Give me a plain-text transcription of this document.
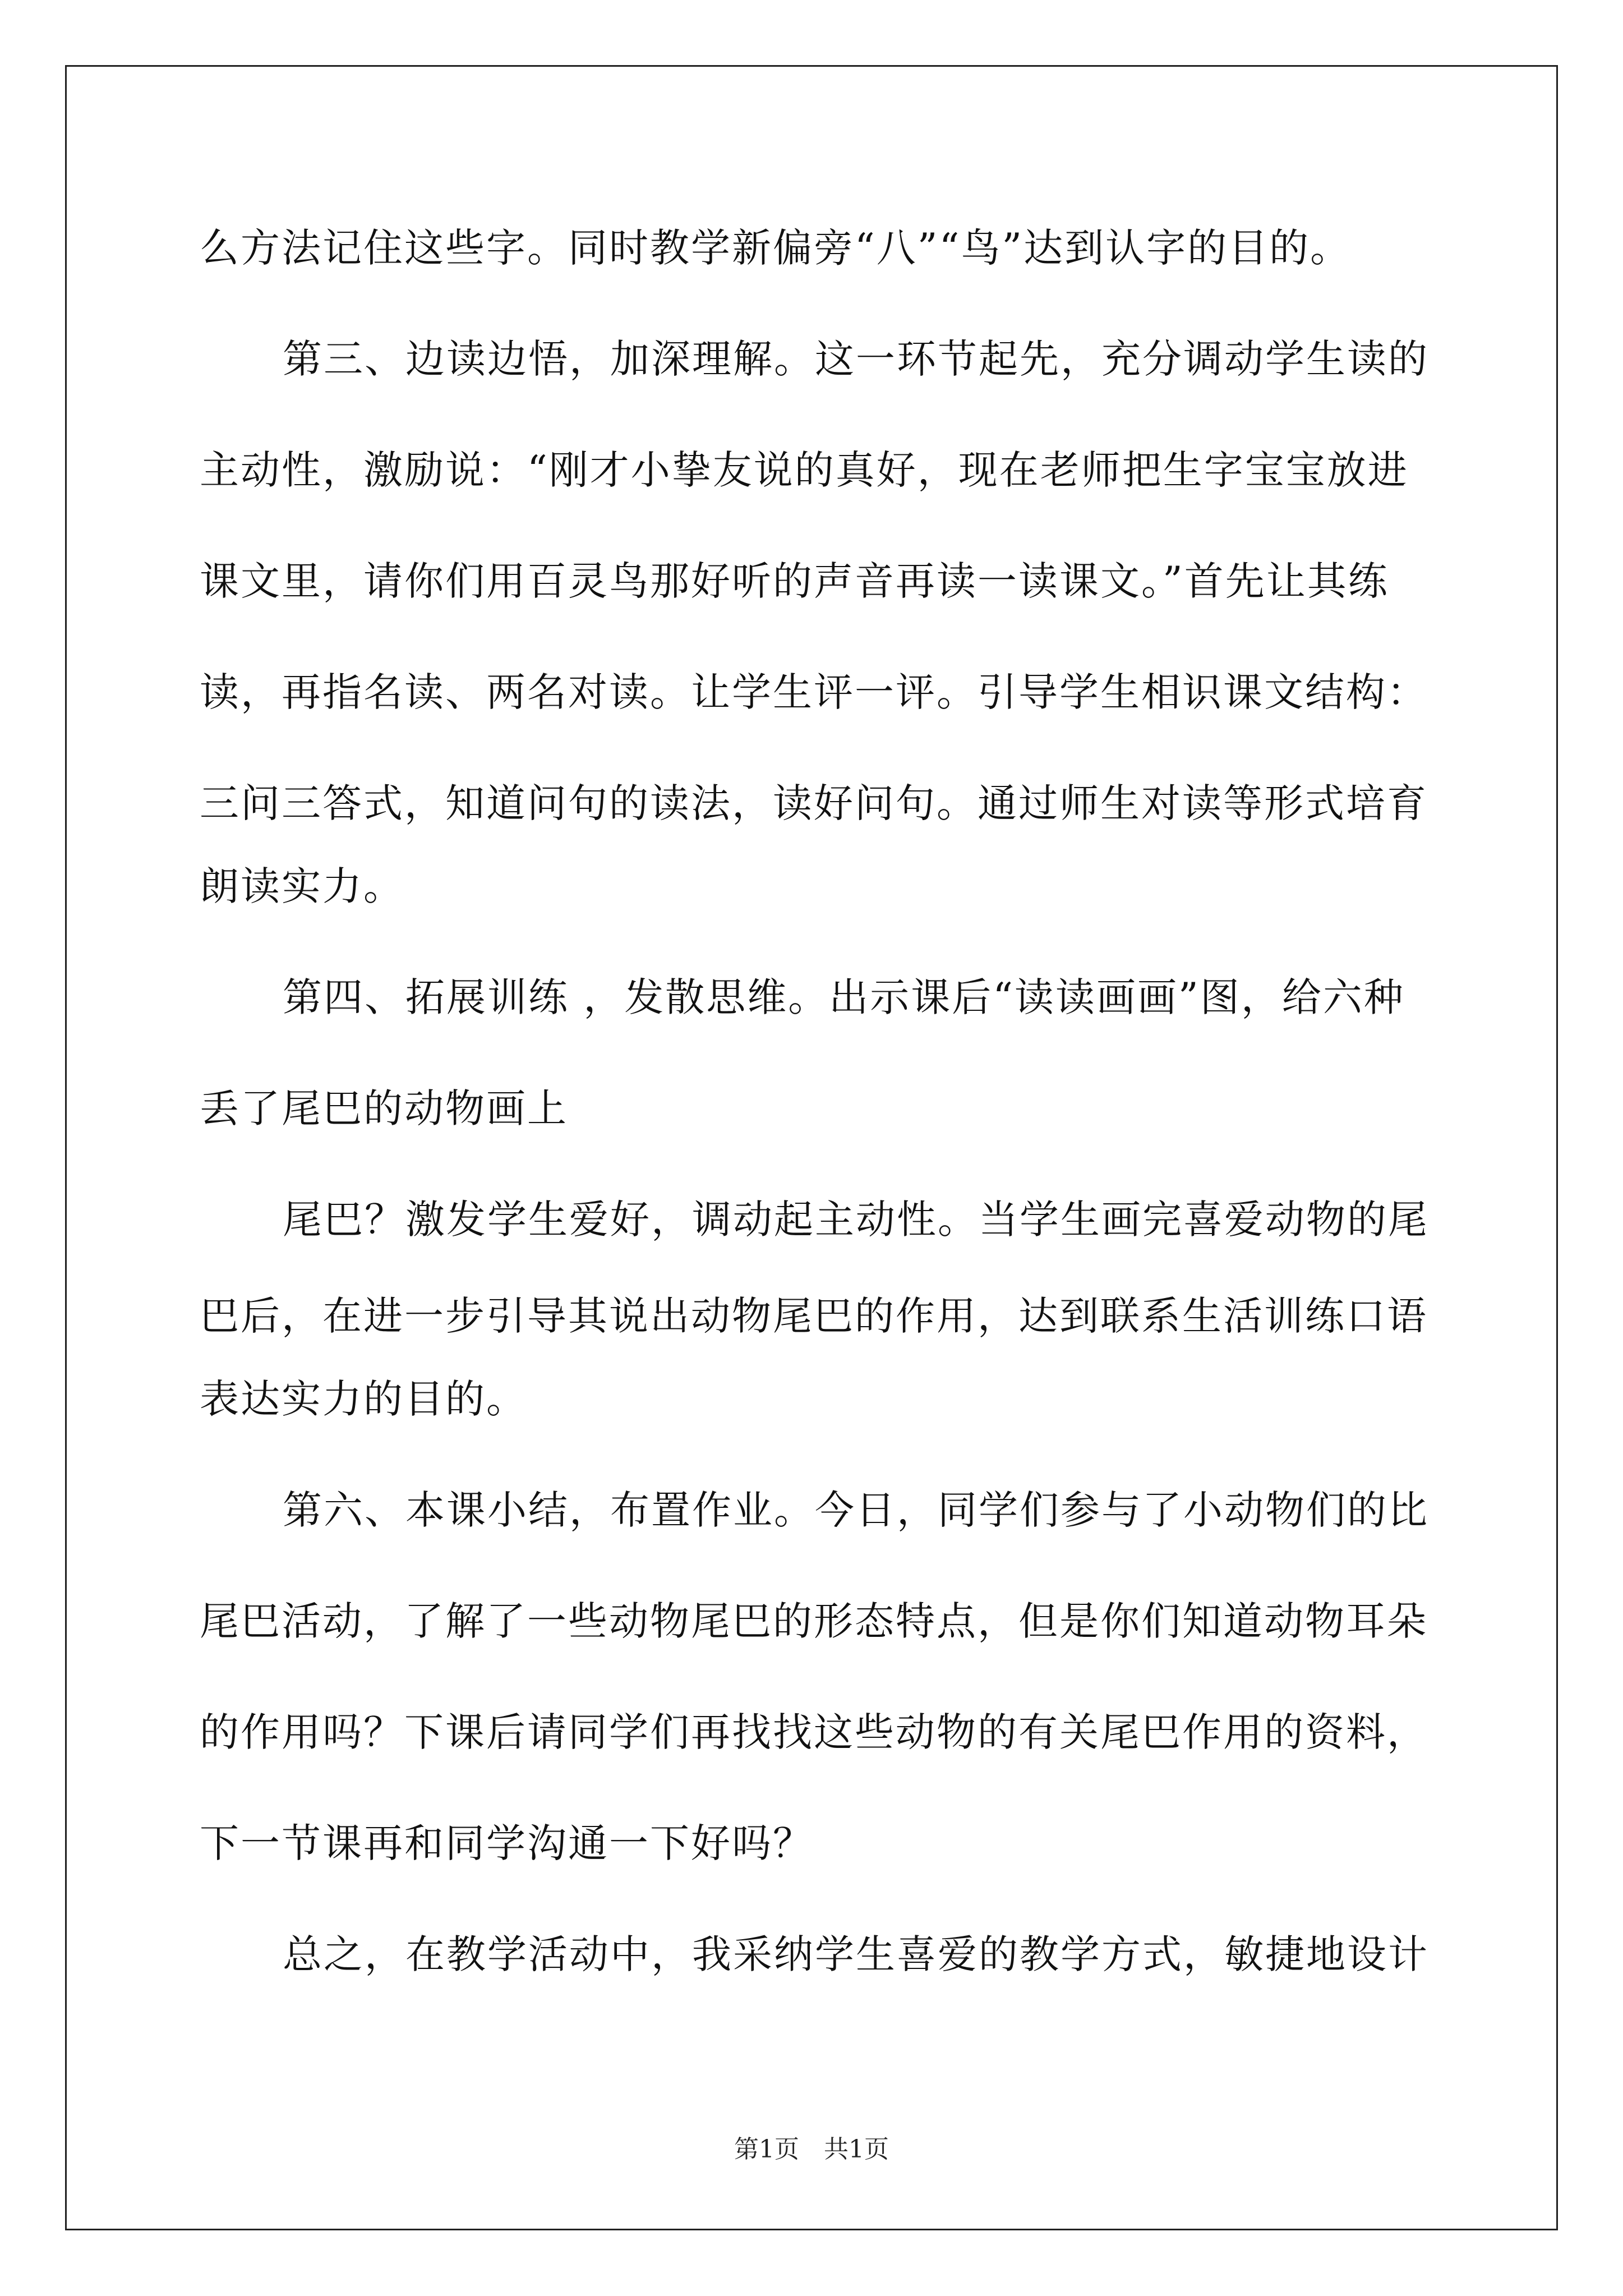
么方法记住这些字。同时教学新偏旁“八”“鸟”达到认字的目的。
第三、边读边悟，加深理解。这一环节起先，充分调动学生读的
主动性，激励说：“刚才小挚友说的真好，现在老师把生字宝宝放进
课文里，请你们用百灵鸟那好听的声音再读一读课文。”首先让其练
读，再指名读、两名对读。让学生评一评。引导学生相识课文结构：
三问三答式，知道问句的读法，读好问句。通过师生对读等形式培育
朗读实力。
第四、拓展训练 ，发散思维。出示课后“读读画画”图，给六种
丢了尾巴的动物画上
尾巴？激发学生爱好，调动起主动性。当学生画完喜爱动物的尾
巴后，在进一步引导其说出动物尾巴的作用，达到联系生活训练口语
表达实力的目的。
第六、本课小结，布置作业。今日，同学们参与了小动物们的比
尾巴活动，了解了一些动物尾巴的形态特点，但是你们知道动物耳朵
的作用吗？下课后请同学们再找找这些动物的有关尾巴作用的资料，
下一节课再和同学沟通一下好吗？
总之，在教学活动中，我采纳学生喜爱的教学方式，敏捷地设计
第1页　共1页
